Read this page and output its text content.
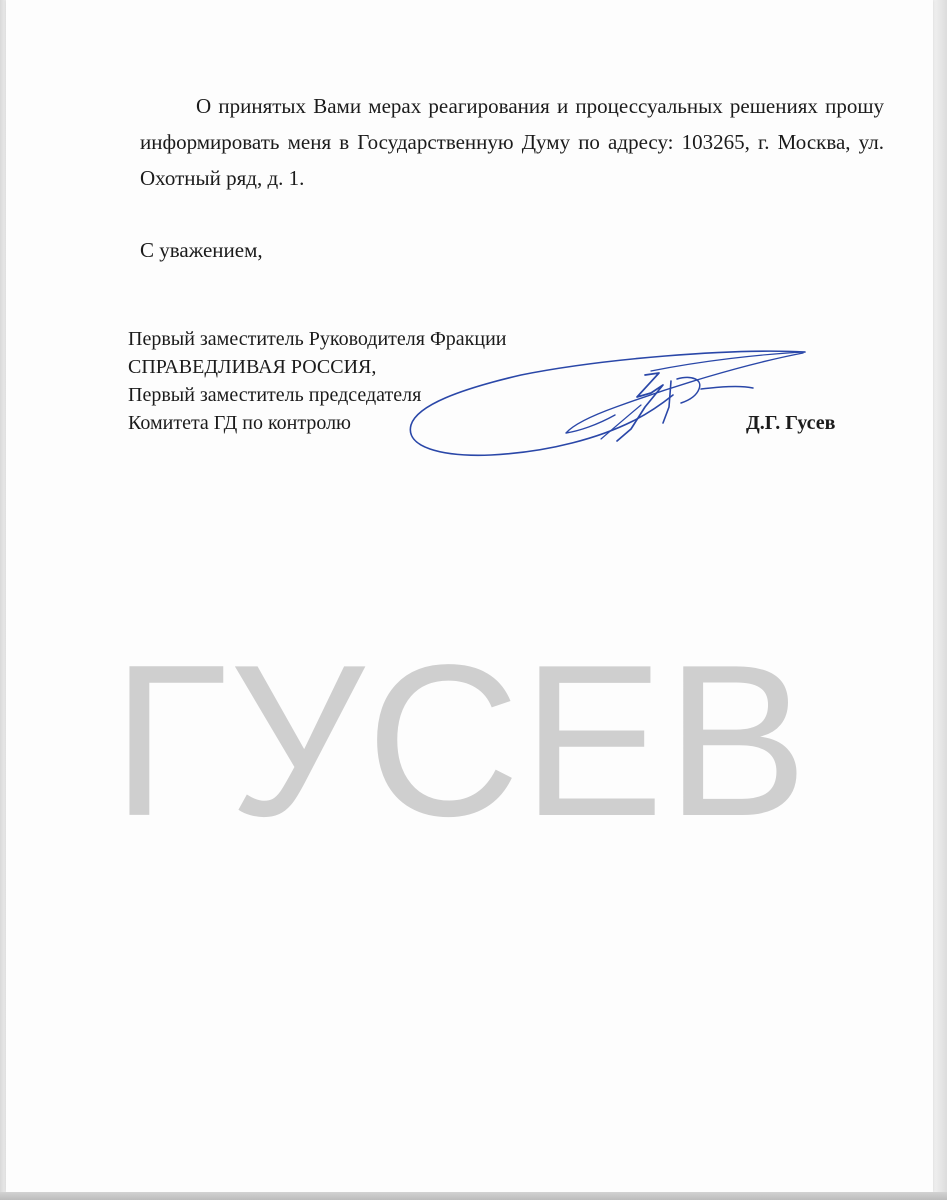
ГУСЕВ

О принятых Вами мерах реагирования и процессуальных решениях прошу информировать меня в Государственную Думу по адресу: 103265, г. Москва, ул. Охотный ряд, д. 1.

С уважением,
Первый заместитель Руководителя Фракции
СПРАВЕДЛИВАЯ РОССИЯ,
Первый заместитель председателя
Комитета ГД по контролю	Д.Г. Гусев
